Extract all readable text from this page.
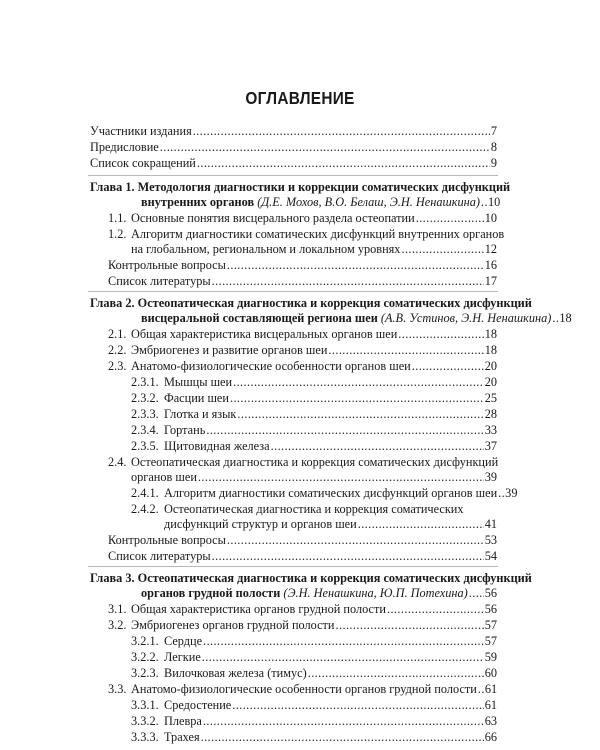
ОГЛАВЛЕНИЕ
Участники издания .....	7
Предисловие .....	8
Список сокращений .....	9
Глава 1. Методология диагностики и коррекции соматических дисфункций
внутренних органов (Д.Е. Мохов, В.О. Белаш, Э.Н. Ненашкина) ..... 10
1.1. Основные понятия висцерального раздела остеопатии .....	10
1.2. Алгоритм диагностики соматических дисфункций внутренних органов
на глобальном, региональном и локальном уровнях .....	12
Контрольные вопросы .....	16
Список литературы .....	17
Глава 2. Остеопатическая диагностика и коррекция соматических дисфункций
висцеральной составляющей региона шеи (А.В. Устинов, Э.Н. Ненашкина) ..... 18
2.1. Общая характеристика висцеральных органов шеи .....	18
2.2. Эмбриогенез и развитие органов шеи .....	18
2.3. Анатомо-физиологические особенности органов шеи .....	20
2.3.1. Мышцы шеи .....	20
2.3.2. Фасции шеи .....	25
2.3.3. Глотка и язык .....	28
2.3.4. Гортань .....	33
2.3.5. Щитовидная железа .....	37
2.4. Остеопатическая диагностика и коррекция соматических дисфункций
органов шеи .....	39
2.4.1. Алгоритм диагностики соматических дисфункций органов шеи ..... 39
2.4.2. Остеопатическая диагностика и коррекция соматических
дисфункций структур и органов шеи .....	41
Контрольные вопросы .....	53
Список литературы .....	54
Глава 3. Остеопатическая диагностика и коррекция соматических дисфункций
органов грудной полости (Э.Н. Ненашкина, Ю.П. Потехина) ..... 56
3.1. Общая характеристика органов грудной полости .....	56
3.2. Эмбриогенез органов грудной полости .....	57
3.2.1. Сердце .....	57
3.2.2. Легкие .....	59
3.2.3. Вилочковая железа (тимус) .....	60
3.3. Анатомо-физиологические особенности органов грудной полости ..... 61
3.3.1. Средостение .....	61
3.3.2. Плевра .....	63
3.3.3. Трахея .....	66
